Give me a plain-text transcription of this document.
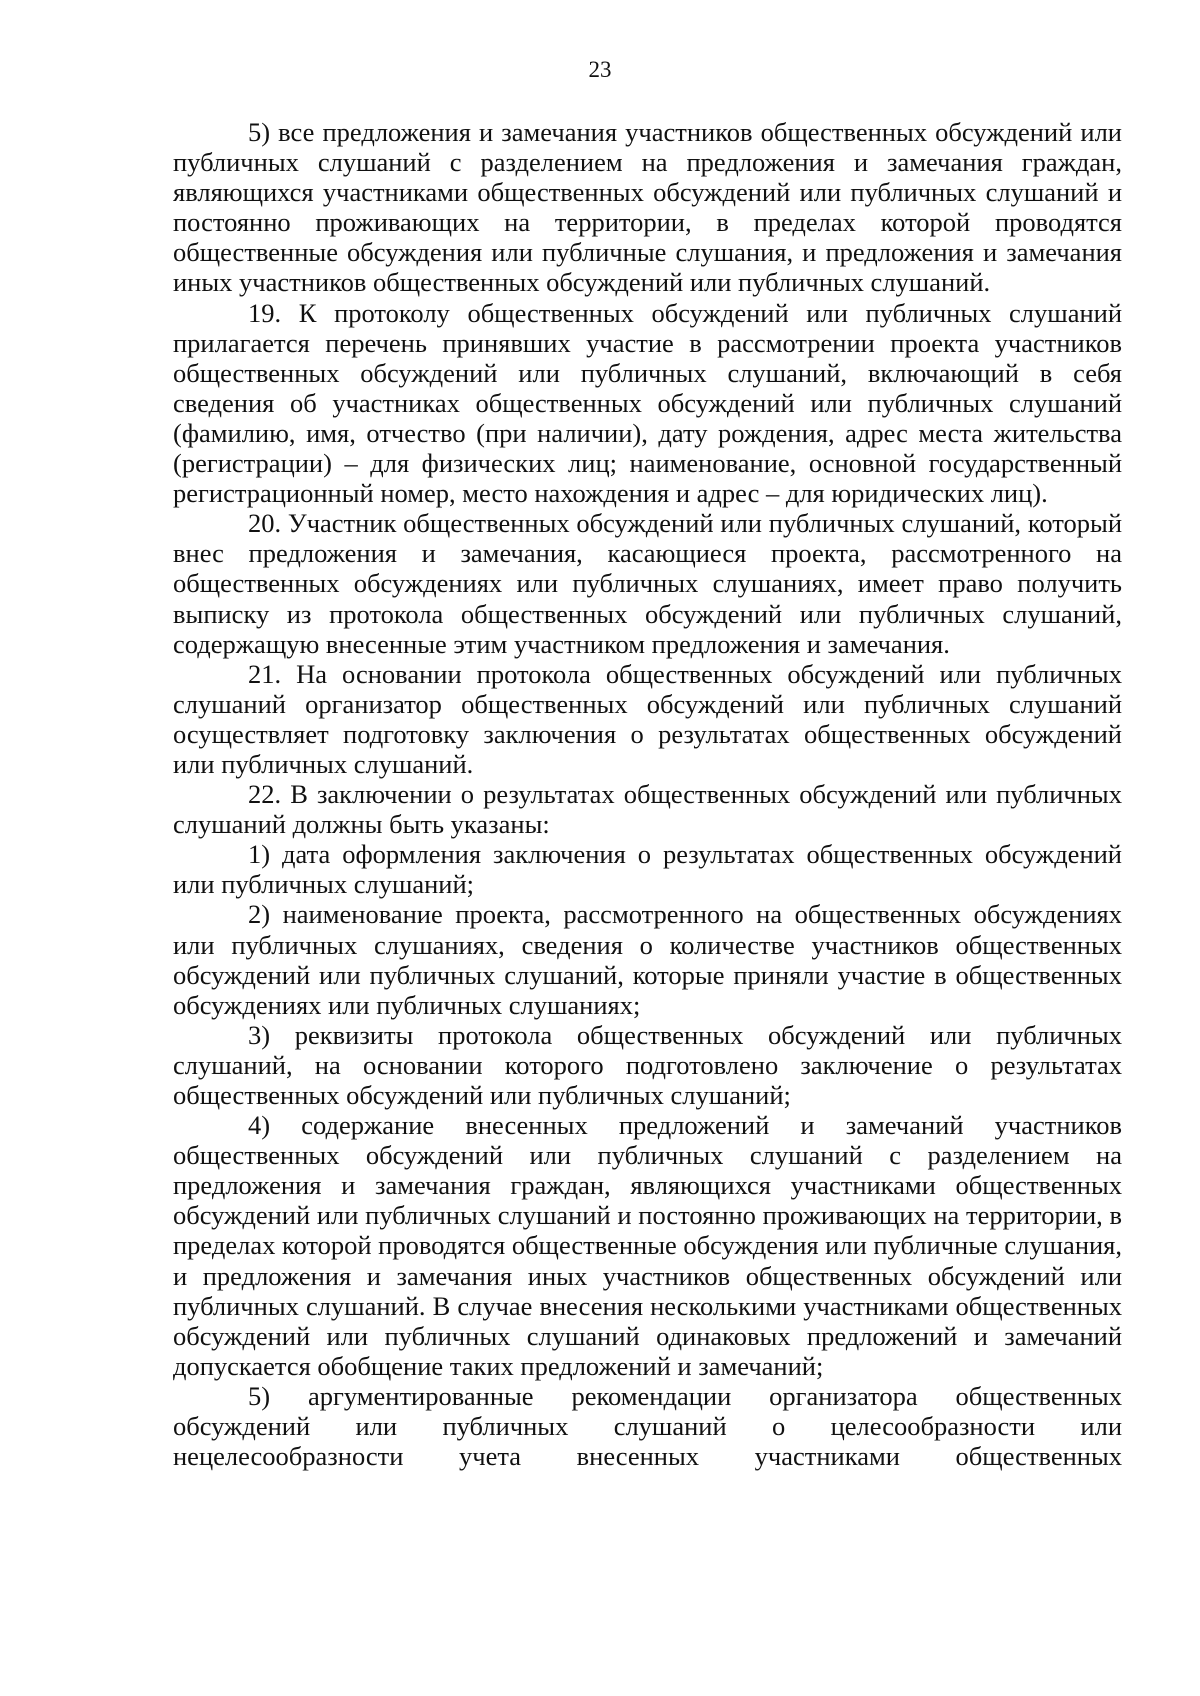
23

5) все предложения и замечания участников общественных обсуждений или публичных слушаний с разделением на предложения и замечания граждан, являющихся участниками общественных обсуждений или публичных слушаний и постоянно проживающих на территории, в пределах которой проводятся общественные обсуждения или публичные слушания, и предложения и замечания иных участников общественных обсуждений или публичных слушаний.

19. К протоколу общественных обсуждений или публичных слушаний прилагается перечень принявших участие в рассмотрении проекта участников общественных обсуждений или публичных слушаний, включающий в себя сведения об участниках общественных обсуждений или публичных слушаний (фамилию, имя, отчество (при наличии), дату рождения, адрес места жительства (регистрации) – для физических лиц; наименование, основной государственный регистрационный номер, место нахождения и адрес – для юридических лиц).

20. Участник общественных обсуждений или публичных слушаний, который внес предложения и замечания, касающиеся проекта, рассмотренного на общественных обсуждениях или публичных слушаниях, имеет право получить выписку из протокола общественных обсуждений или публичных слушаний, содержащую внесенные этим участником предложения и замечания.

21. На основании протокола общественных обсуждений или публичных слушаний организатор общественных обсуждений или публичных слушаний осуществляет подготовку заключения о результатах общественных обсуждений или публичных слушаний.

22. В заключении о результатах общественных обсуждений или публичных слушаний должны быть указаны:

1) дата оформления заключения о результатах общественных обсуждений или публичных слушаний;

2) наименование проекта, рассмотренного на общественных обсуждениях или публичных слушаниях, сведения о количестве участников общественных обсуждений или публичных слушаний, которые приняли участие в общественных обсуждениях или публичных слушаниях;

3) реквизиты протокола общественных обсуждений или публичных слушаний, на основании которого подготовлено заключение о результатах общественных обсуждений или публичных слушаний;

4) содержание внесенных предложений и замечаний участников общественных обсуждений или публичных слушаний с разделением на предложения и замечания граждан, являющихся участниками общественных обсуждений или публичных слушаний и постоянно проживающих на территории, в пределах которой проводятся общественные обсуждения или публичные слушания, и предложения и замечания иных участников общественных обсуждений или публичных слушаний. В случае внесения несколькими участниками общественных обсуждений или публичных слушаний одинаковых предложений и замечаний допускается обобщение таких предложений и замечаний;

5) аргументированные рекомендации организатора общественных обсуждений или публичных слушаний о целесообразности или нецелесообразности учета внесенных участниками общественных
